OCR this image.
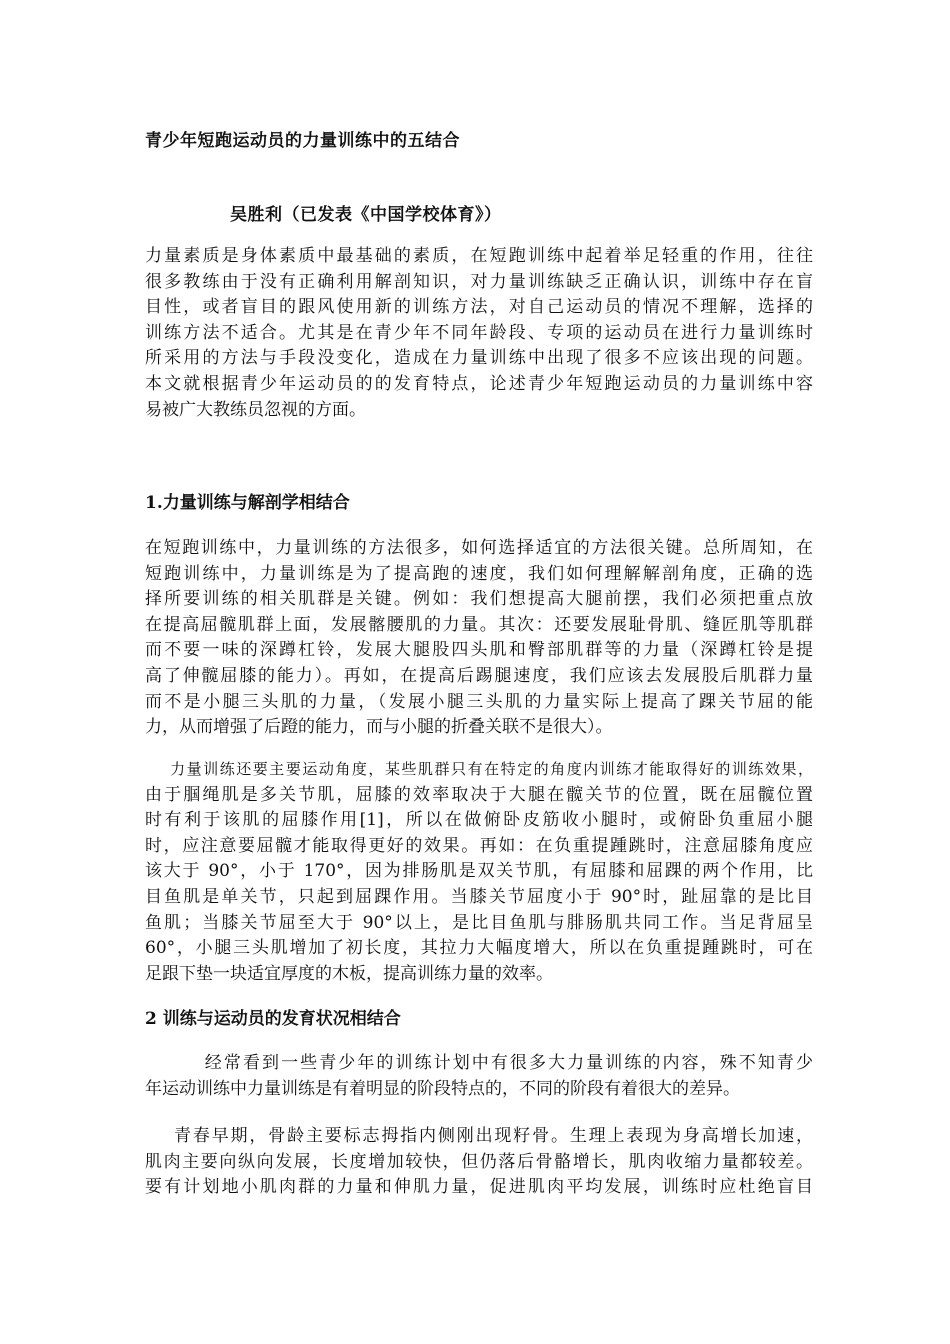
青少年短跑运动员的力量训练中的五结合
吴胜利（已发表《中国学校体育》）
力量素质是身体素质中最基础的素质，在短跑训练中起着举足轻重的作用，往往
很多教练由于没有正确利用解剖知识，对力量训练缺乏正确认识，训练中存在盲
目性，或者盲目的跟风使用新的训练方法，对自己运动员的情况不理解，选择的
训练方法不适合。尤其是在青少年不同年龄段、专项的运动员在进行力量训练时
所采用的方法与手段没变化，造成在力量训练中出现了很多不应该出现的问题。
本文就根据青少年运动员的的发育特点，论述青少年短跑运动员的力量训练中容
易被广大教练员忽视的方面。
1.力量训练与解剖学相结合
在短跑训练中，力量训练的方法很多，如何选择适宜的方法很关键。总所周知，在
短跑训练中，力量训练是为了提高跑的速度，我们如何理解解剖角度，正确的选
择所要训练的相关肌群是关键。例如：我们想提高大腿前摆，我们必须把重点放
在提高屈髋肌群上面，发展髂腰肌的力量。其次：还要发展耻骨肌、缝匠肌等肌群
而不要一味的深蹲杠铃，发展大腿股四头肌和臀部肌群等的力量（深蹲杠铃是提
高了伸髋屈膝的能力）。再如，在提高后踢腿速度，我们应该去发展股后肌群力量
而不是小腿三头肌的力量，（发展小腿三头肌的力量实际上提高了踝关节屈的能
力，从而增强了后蹬的能力，而与小腿的折叠关联不是很大）。
力量训练还要主要运动角度，某些肌群只有在特定的角度内训练才能取得好的训练效果，
由于腘绳肌是多关节肌，屈膝的效率取决于大腿在髋关节的位置，既在屈髋位置
时有利于该肌的屈膝作用[1]，所以在做俯卧皮筋收小腿时，或俯卧负重屈小腿
时，应注意要屈髋才能取得更好的效果。再如：在负重提踵跳时，注意屈膝角度应
该大于 90°，小于 170°，因为排肠肌是双关节肌，有屈膝和屈踝的两个作用，比
目鱼肌是单关节，只起到屈踝作用。当膝关节屈度小于 90°时，趾屈靠的是比目
鱼肌；当膝关节屈至大于 90°以上，是比目鱼肌与腓肠肌共同工作。当足背屈呈
60°，小腿三头肌增加了初长度，其拉力大幅度增大，所以在负重提踵跳时，可在
足跟下垫一块适宜厚度的木板，提高训练力量的效率。
2 训练与运动员的发育状况相结合
经常看到一些青少年的训练计划中有很多大力量训练的内容，殊不知青少
年运动训练中力量训练是有着明显的阶段特点的，不同的阶段有着很大的差异。
青春早期，骨龄主要标志拇指内侧刚出现籽骨。生理上表现为身高增长加速，
肌肉主要向纵向发展，长度增加较快，但仍落后骨骼增长，肌肉收缩力量都较差。
要有计划地小肌肉群的力量和伸肌力量，促进肌肉平均发展，训练时应杜绝盲目
